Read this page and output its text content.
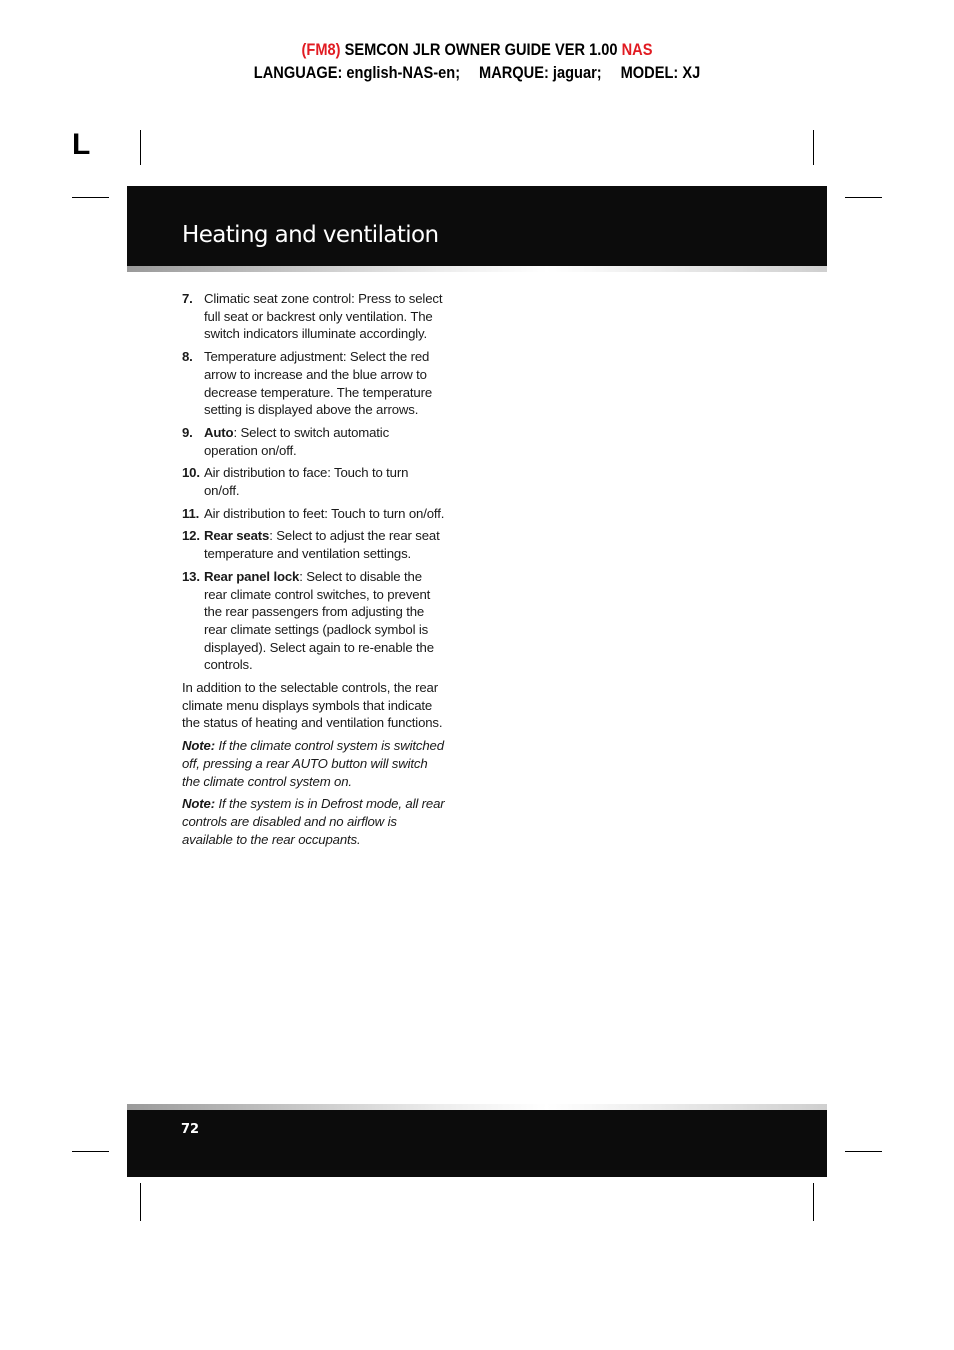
(FM8) SEMCON JLR OWNER GUIDE VER 1.00 NAS
LANGUAGE: english-NAS-en; MARQUE: jaguar; MODEL: XJ
L
Heating and ventilation
7. Climatic seat zone control: Press to select full seat or backrest only ventilation. The switch indicators illuminate accordingly.
8. Temperature adjustment: Select the red arrow to increase and the blue arrow to decrease temperature. The temperature setting is displayed above the arrows.
9. Auto: Select to switch automatic operation on/off.
10. Air distribution to face: Touch to turn on/off.
11. Air distribution to feet: Touch to turn on/off.
12. Rear seats: Select to adjust the rear seat temperature and ventilation settings.
13. Rear panel lock: Select to disable the rear climate control switches, to prevent the rear passengers from adjusting the rear climate settings (padlock symbol is displayed). Select again to re-enable the controls.
In addition to the selectable controls, the rear climate menu displays symbols that indicate the status of heating and ventilation functions.
Note: If the climate control system is switched off, pressing a rear AUTO button will switch the climate control system on.
Note: If the system is in Defrost mode, all rear controls are disabled and no airflow is available to the rear occupants.
72
